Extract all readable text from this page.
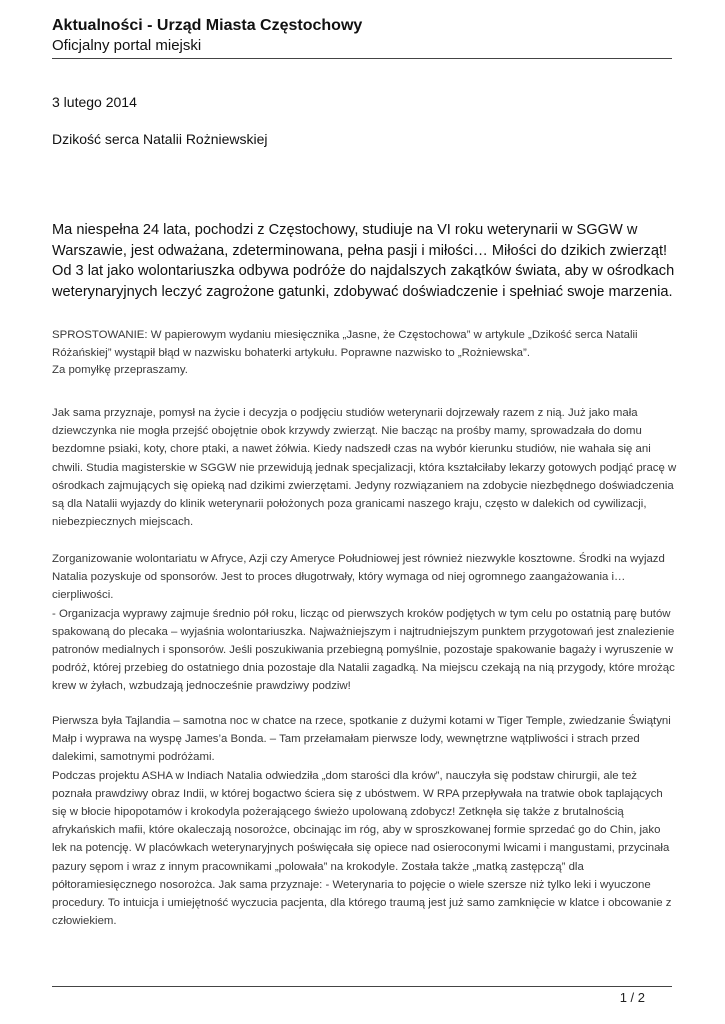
Aktualności - Urząd Miasta Częstochowy
Oficjalny portal miejski
3 lutego 2014
Dzikość serca Natalii Rożniewskiej

Ma niespełna 24 lata, pochodzi z Częstochowy, studiuje na VI roku weterynarii w SGGW w Warszawie, jest odważana, zdeterminowana, pełna pasji i miłości… Miłości do dzikich zwierząt! Od 3 lat jako wolontariuszka odbywa podróże do najdalszych zakątków świata, aby w ośrodkach weterynaryjnych leczyć zagrożone gatunki, zdobywać doświadczenie i spełniać swoje marzenia.

SPROSTOWANIE: W papierowym wydaniu miesięcznika „Jasne, że Częstochowa” w artykule „Dzikość serca Natalii Różańskiej” wystąpił błąd w nazwisku bohaterki artykułu. Poprawne nazwisko to „Rożniewska”.
Za pomyłkę przepraszamy.

Jak sama przyznaje, pomysł na życie i decyzja o podjęciu studiów weterynarii dojrzewały razem z nią. Już jako mała dziewczynka nie mogła przejść obojętnie obok krzywdy zwierząt. Nie bacząc na prośby mamy, sprowadzała do domu bezdomne psiaki, koty, chore ptaki, a nawet żółwia. Kiedy nadszedł czas na wybór kierunku studiów, nie wahała się ani chwili. Studia magisterskie w SGGW nie przewidują jednak specjalizacji, która kształciłaby lekarzy gotowych podjąć pracę w ośrodkach zajmujących się opieką nad dzikimi zwierzętami. Jedyny rozwiązaniem na zdobycie niezbędnego doświadczenia są dla Natalii wyjazdy do klinik weterynarii położonych poza granicami naszego kraju, często w dalekich od cywilizacji, niebezpiecznych miejscach.

Zorganizowanie wolontariatu w Afryce, Azji czy Ameryce Południowej jest również niezwykle kosztowne. Środki na wyjazd Natalia pozyskuje od sponsorów. Jest to proces długotrwały, który wymaga od niej ogromnego zaangażowania i… cierpliwości.
- Organizacja wyprawy zajmuje średnio pół roku, licząc od pierwszych kroków podjętych w tym celu po ostatnią parę butów spakowaną do plecaka – wyjaśnia wolontariuszka. Najważniejszym i najtrudniejszym punktem przygotowań jest znalezienie patronów medialnych i sponsorów. Jeśli poszukiwania przebiegną pomyślnie, pozostaje spakowanie bagaży i wyruszenie w podróż, której przebieg do ostatniego dnia pozostaje dla Natalii zagadką. Na miejscu czekają na nią przygody, które mrożąc krew w żyłach, wzbudzają jednocześnie prawdziwy podziw!
Pierwsza była Tajlandia – samotna noc w chatce na rzece, spotkanie z dużymi kotami w Tiger Temple, zwiedzanie Świątyni Małp i wyprawa na wyspę James’a Bonda. – Tam przełamałam pierwsze lody, wewnętrzne wątpliwości i strach przed dalekimi, samotnymi podróżami.
Podczas projektu ASHA w Indiach Natalia odwiedziła „dom starości dla krów”, nauczyła się podstaw chirurgii, ale też poznała prawdziwy obraz Indii, w której bogactwo ściera się z ubóstwem. W RPA przepływała na tratwie obok taplających się w błocie hipopotamów i krokodyla pożerającego świeżo upolowaną zdobycz! Zetknęła się także z brutalnością afrykańskich mafii, które okaleczają nosorożce, obcinając im róg, aby w sproszkowanej formie sprzedać go do Chin, jako lek na potencję. W placówkach weterynaryjnych poświęcała się opiece nad osieroconymi lwicami i mangustami, przycinała pazury sępom i wraz z innym pracownikami „polowała” na krokodyle. Została także „matką zastępczą” dla półtoramiesięcznego nosorożca. Jak sama przyznaje: - Weterynaria to pojęcie o wiele szersze niż tylko leki i wyuczone procedury. To intuicja i umiejętność wyczucia pacjenta, dla którego traumą jest już samo zamknięcie w klatce i obcowanie z człowiekiem.
1 / 2
